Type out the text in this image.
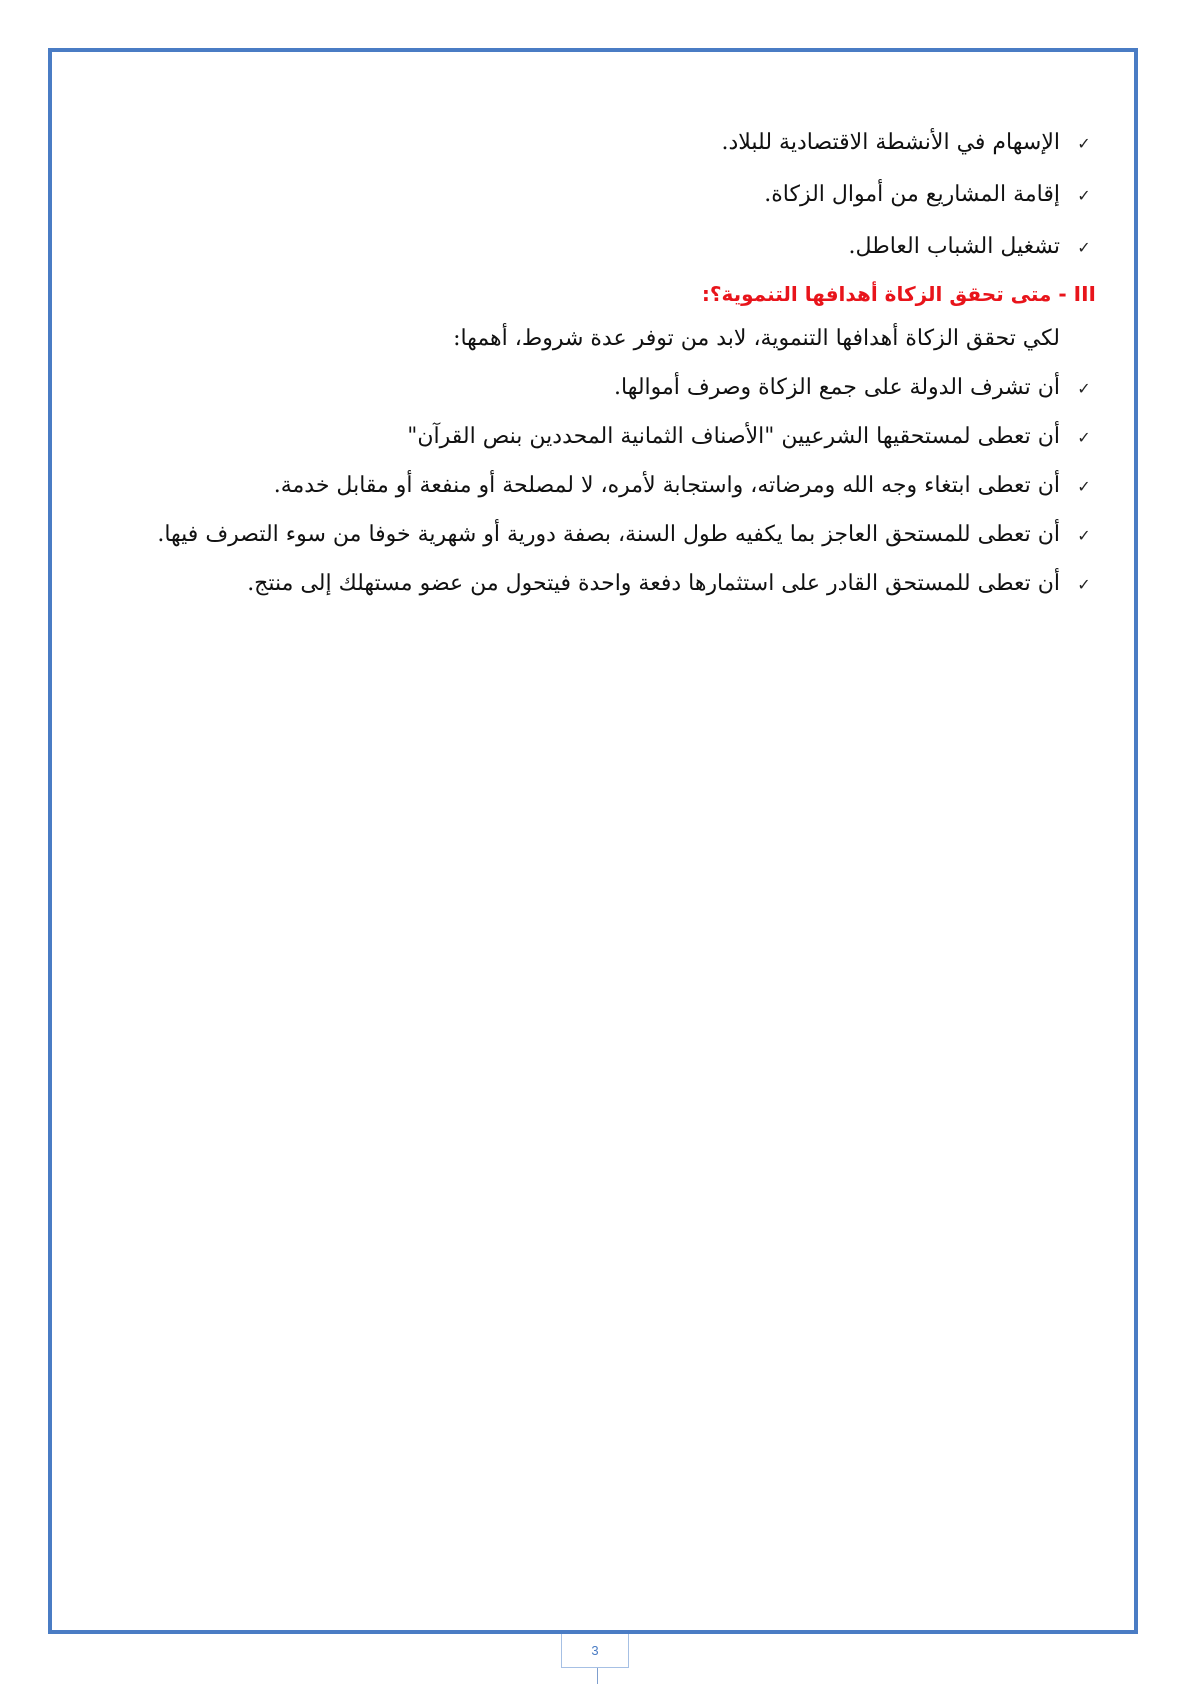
✓
الإسهام في الأنشطة الاقتصادية للبلاد.
✓
إقامة المشاريع من أموال الزكاة.
✓
تشغيل الشباب العاطل.
III - متى تحقق الزكاة أهدافها التنموية؟:
لكي تحقق الزكاة أهدافها التنموية، لابد من توفر عدة شروط، أهمها:
✓
أن تشرف الدولة على جمع الزكاة وصرف أموالها.
✓
أن تعطى لمستحقيها الشرعيين "الأصناف الثمانية المحددين بنص القرآن"
✓
أن تعطى ابتغاء وجه الله ومرضاته، واستجابة لأمره، لا لمصلحة أو منفعة أو مقابل خدمة.
✓
أن تعطى للمستحق العاجز بما يكفيه طول السنة، بصفة دورية أو شهرية خوفا من سوء التصرف فيها.
✓
أن تعطى للمستحق القادر على استثمارها دفعة واحدة فيتحول من عضو مستهلك إلى منتج.
3
